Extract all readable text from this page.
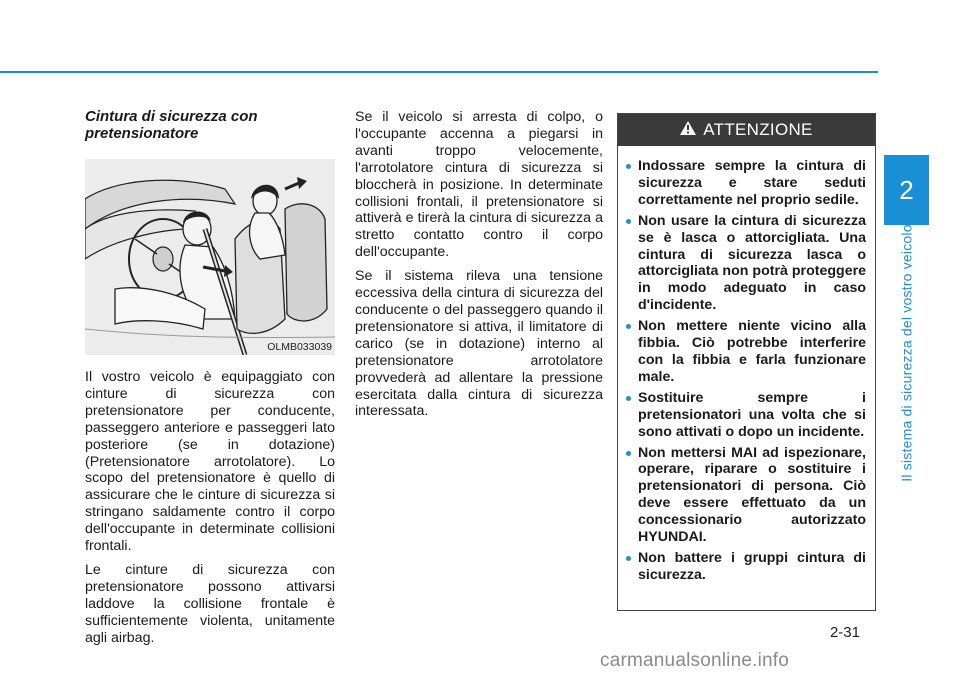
2
Il sistema di sicurezza del vostro veicolo
Cintura di sicurezza con pretensionatore
OLMB033039

Il vostro veicolo è equipaggiato con cinture di sicurezza con pretensionatore per conducente, passeggero anteriore e passeggeri lato posteriore (se in dotazione) (Pretensionatore arrotolatore). Lo scopo del pretensionatore è quello di assicurare che le cinture di sicurezza si stringano saldamente contro il corpo dell'occupante in determinate collisioni frontali.

Le cinture di sicurezza con pretensionatore possono attivarsi laddove la collisione frontale è sufficientemente violenta, unitamente agli airbag.

Se il veicolo si arresta di colpo, o l'occupante accenna a piegarsi in avanti troppo velocemente, l'arrotolatore cintura di sicurezza si bloccherà in posizione. In determinate collisioni frontali, il pretensionatore si attiverà e tirerà la cintura di sicurezza a stretto contatto contro il corpo dell'occupante.

Se il sistema rileva una tensione eccessiva della cintura di sicurezza del conducente o del passeggero quando il pretensionatore si attiva, il limitatore di carico (se in dotazione) interno al pretensionatore arrotolatore provvederà ad allentare la pressione esercitata dalla cintura di sicurezza interessata.

ATTENZIONE
Indossare sempre la cintura di sicurezza e stare seduti correttamente nel proprio sedile.
Non usare la cintura di sicurezza se è lasca o attorcigliata. Una cintura di sicurezza lasca o attorcigliata non potrà proteggere in modo adeguato in caso d'incidente.
Non mettere niente vicino alla fibbia. Ciò potrebbe interferire con la fibbia e farla funzionare male.
Sostituire sempre i pretensionatori una volta che si sono attivati o dopo un incidente.
Non mettersi MAI ad ispezionare, operare, riparare o sostituire i pretensionatori di persona. Ciò deve essere effettuato da un concessionario autorizzato HYUNDAI.
Non battere i gruppi cintura di sicurezza.
2-31
carmanualsonline.info
